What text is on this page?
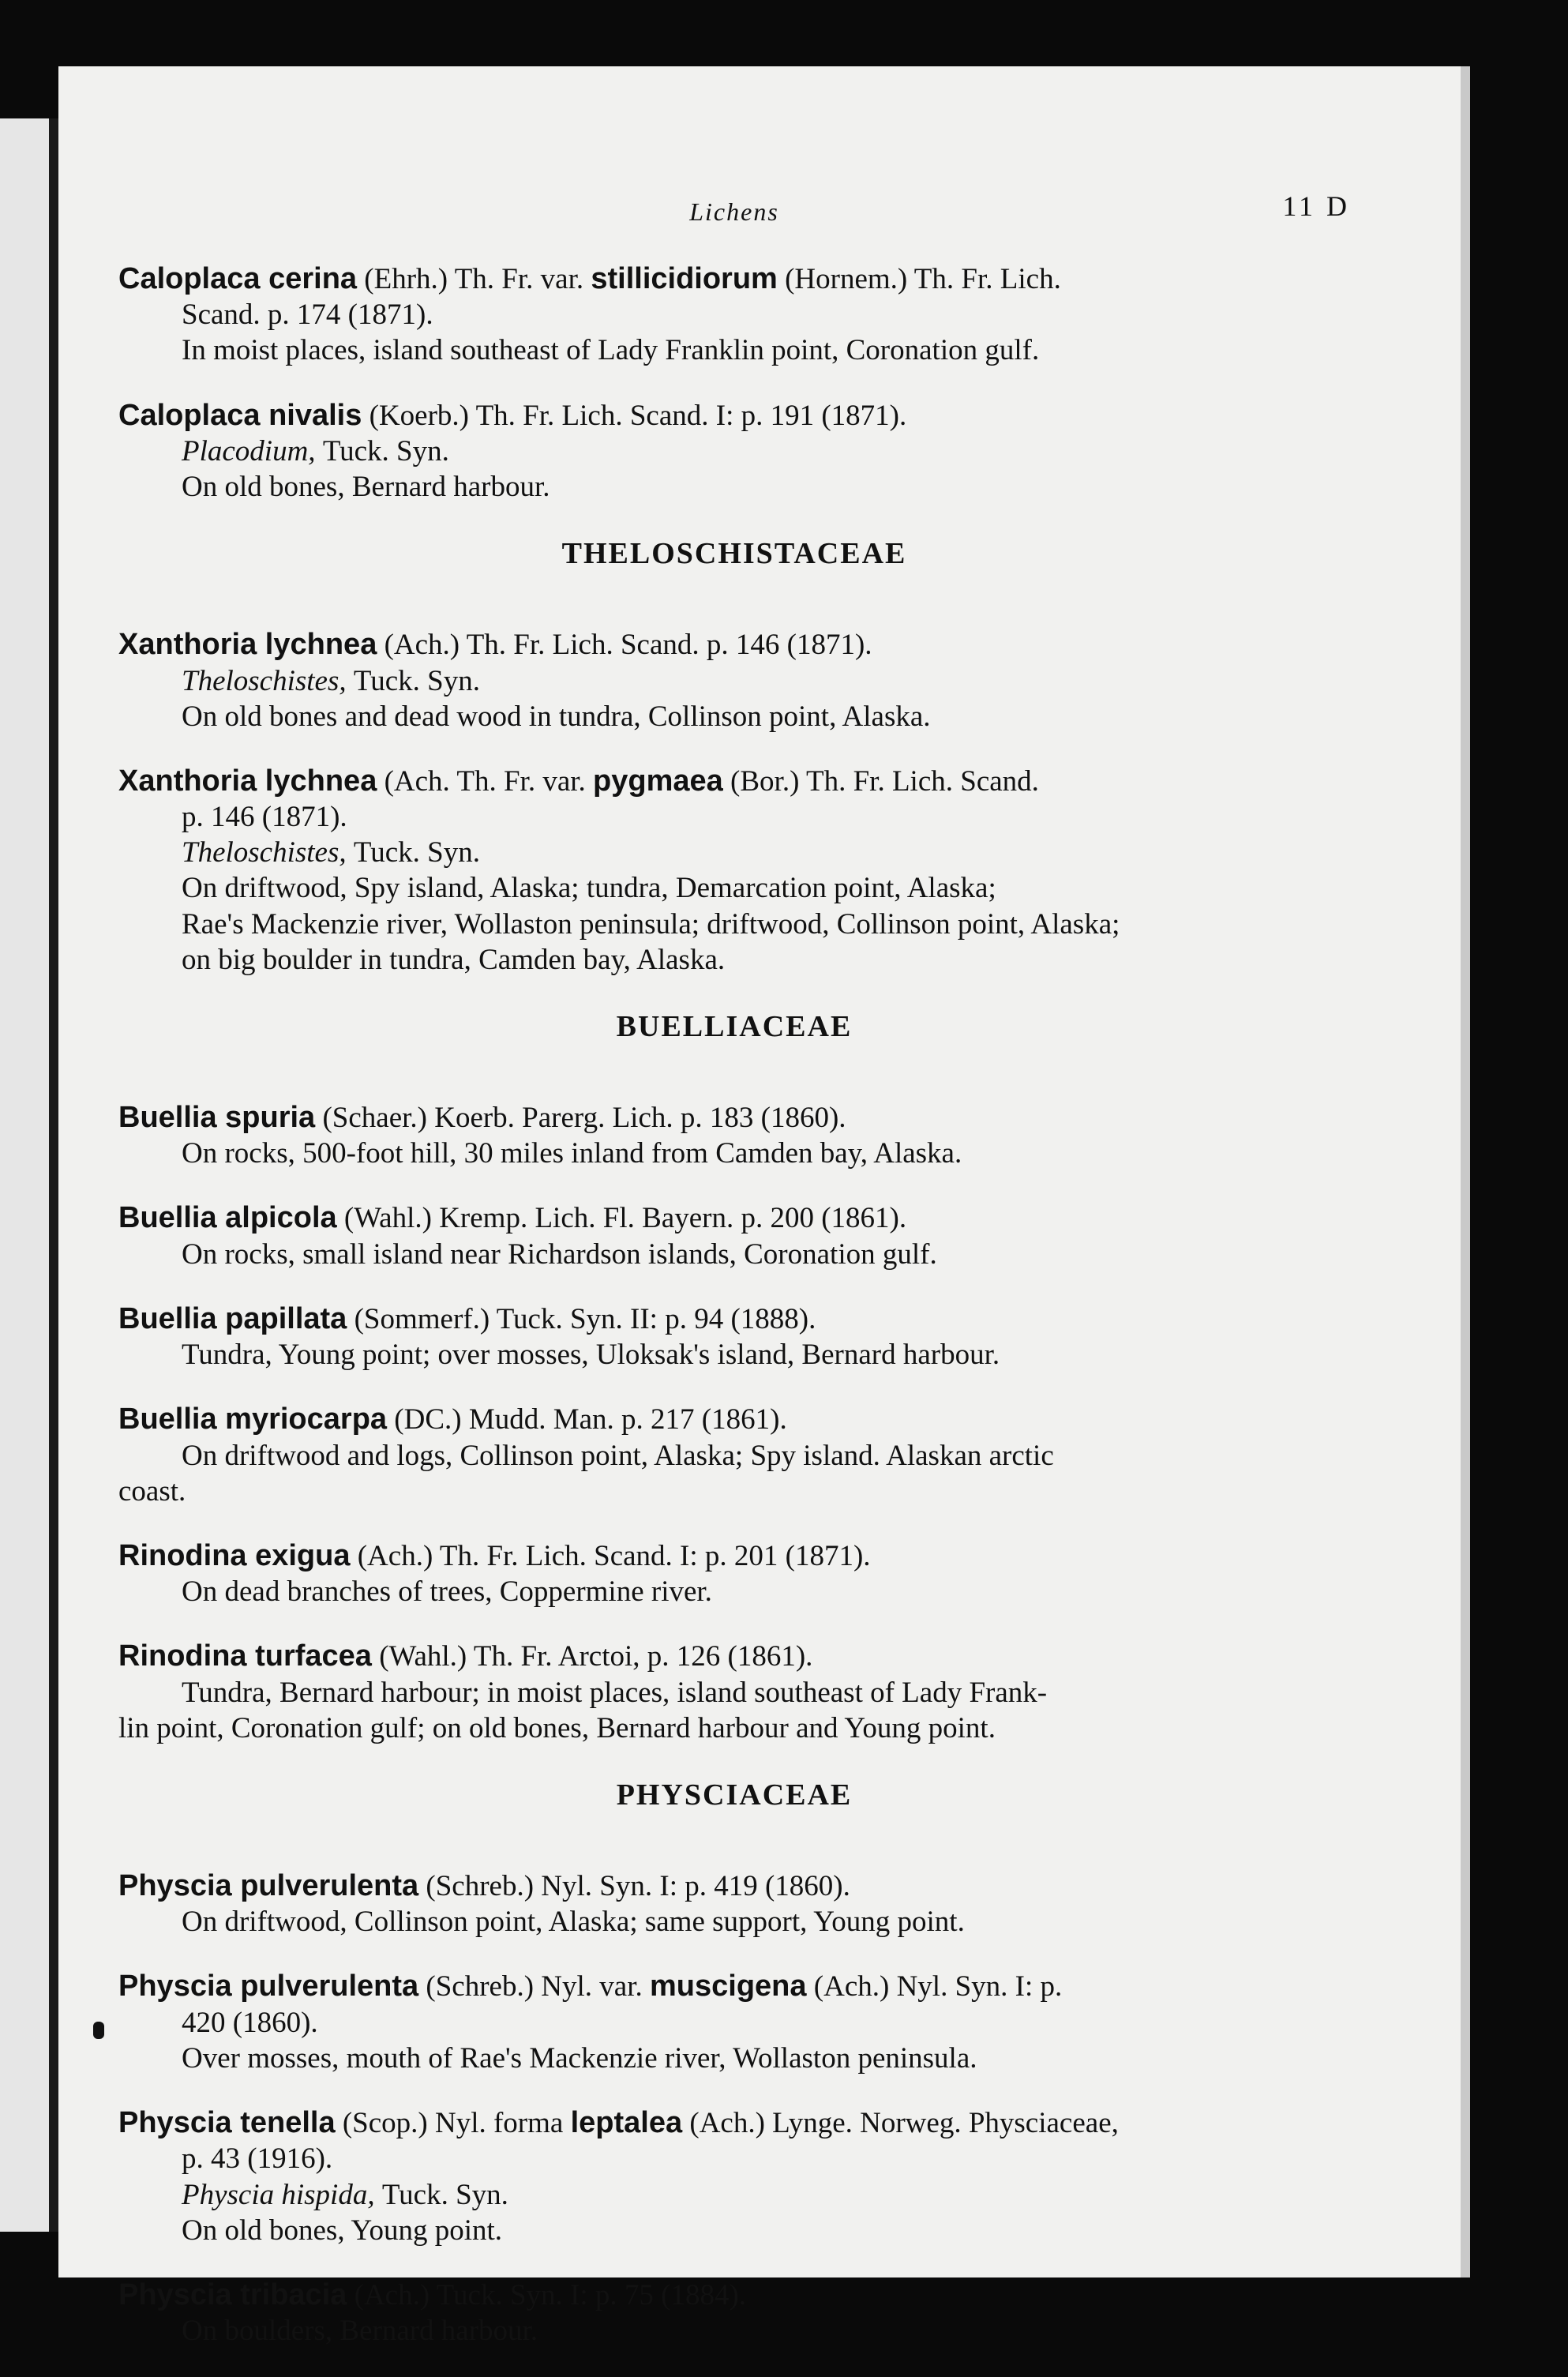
Lichens	11 D
Caloplaca cerina (Ehrh.) Th. Fr. var. stillicidiorum (Hornem.) Th. Fr. Lich.
Scand. p. 174 (1871).
In moist places, island southeast of Lady Franklin point, Coronation gulf.
Caloplaca nivalis (Koerb.) Th. Fr. Lich. Scand. I: p. 191 (1871).
Placodium, Tuck. Syn.
On old bones, Bernard harbour.
THELOSCHISTACEAE
Xanthoria lychnea (Ach.) Th. Fr. Lich. Scand. p. 146 (1871).
Theloschistes, Tuck. Syn.
On old bones and dead wood in tundra, Collinson point, Alaska.
Xanthoria lychnea (Ach. Th. Fr. var. pygmaea (Bor.) Th. Fr. Lich. Scand.
p. 146 (1871).
Theloschistes, Tuck. Syn.
On driftwood, Spy island, Alaska; tundra, Demarcation point, Alaska;
Rae's Mackenzie river, Wollaston peninsula; driftwood, Collinson point, Alaska;
on big boulder in tundra, Camden bay, Alaska.
BUELLIACEAE
Buellia spuria (Schaer.) Koerb. Parerg. Lich. p. 183 (1860).
On rocks, 500-foot hill, 30 miles inland from Camden bay, Alaska.
Buellia alpicola (Wahl.) Kremp. Lich. Fl. Bayern. p. 200 (1861).
On rocks, small island near Richardson islands, Coronation gulf.
Buellia papillata (Sommerf.) Tuck. Syn. II: p. 94 (1888).
Tundra, Young point; over mosses, Uloksak's island, Bernard harbour.
Buellia myriocarpa (DC.) Mudd. Man. p. 217 (1861).
On driftwood and logs, Collinson point, Alaska; Spy island. Alaskan arctic
coast.
Rinodina exigua (Ach.) Th. Fr. Lich. Scand. I: p. 201 (1871).
On dead branches of trees, Coppermine river.
Rinodina turfacea (Wahl.) Th. Fr. Arctoi, p. 126 (1861).
Tundra, Bernard harbour; in moist places, island southeast of Lady Frank-
lin point, Coronation gulf; on old bones, Bernard harbour and Young point.
PHYSCIACEAE
Physcia pulverulenta (Schreb.) Nyl. Syn. I: p. 419 (1860).
On driftwood, Collinson point, Alaska; same support, Young point.
Physcia pulverulenta (Schreb.) Nyl. var. muscigena (Ach.) Nyl. Syn. I: p.
420 (1860).
Over mosses, mouth of Rae's Mackenzie river, Wollaston peninsula.
Physcia tenella (Scop.) Nyl. forma leptalea (Ach.) Lynge. Norweg. Physciaceae,
p. 43 (1916).
Physcia hispida, Tuck. Syn.
On old bones, Young point.
Physcia tribacia (Ach.) Tuck. Syn. I: p. 75 (1884).
On boulders, Bernard harbour.
